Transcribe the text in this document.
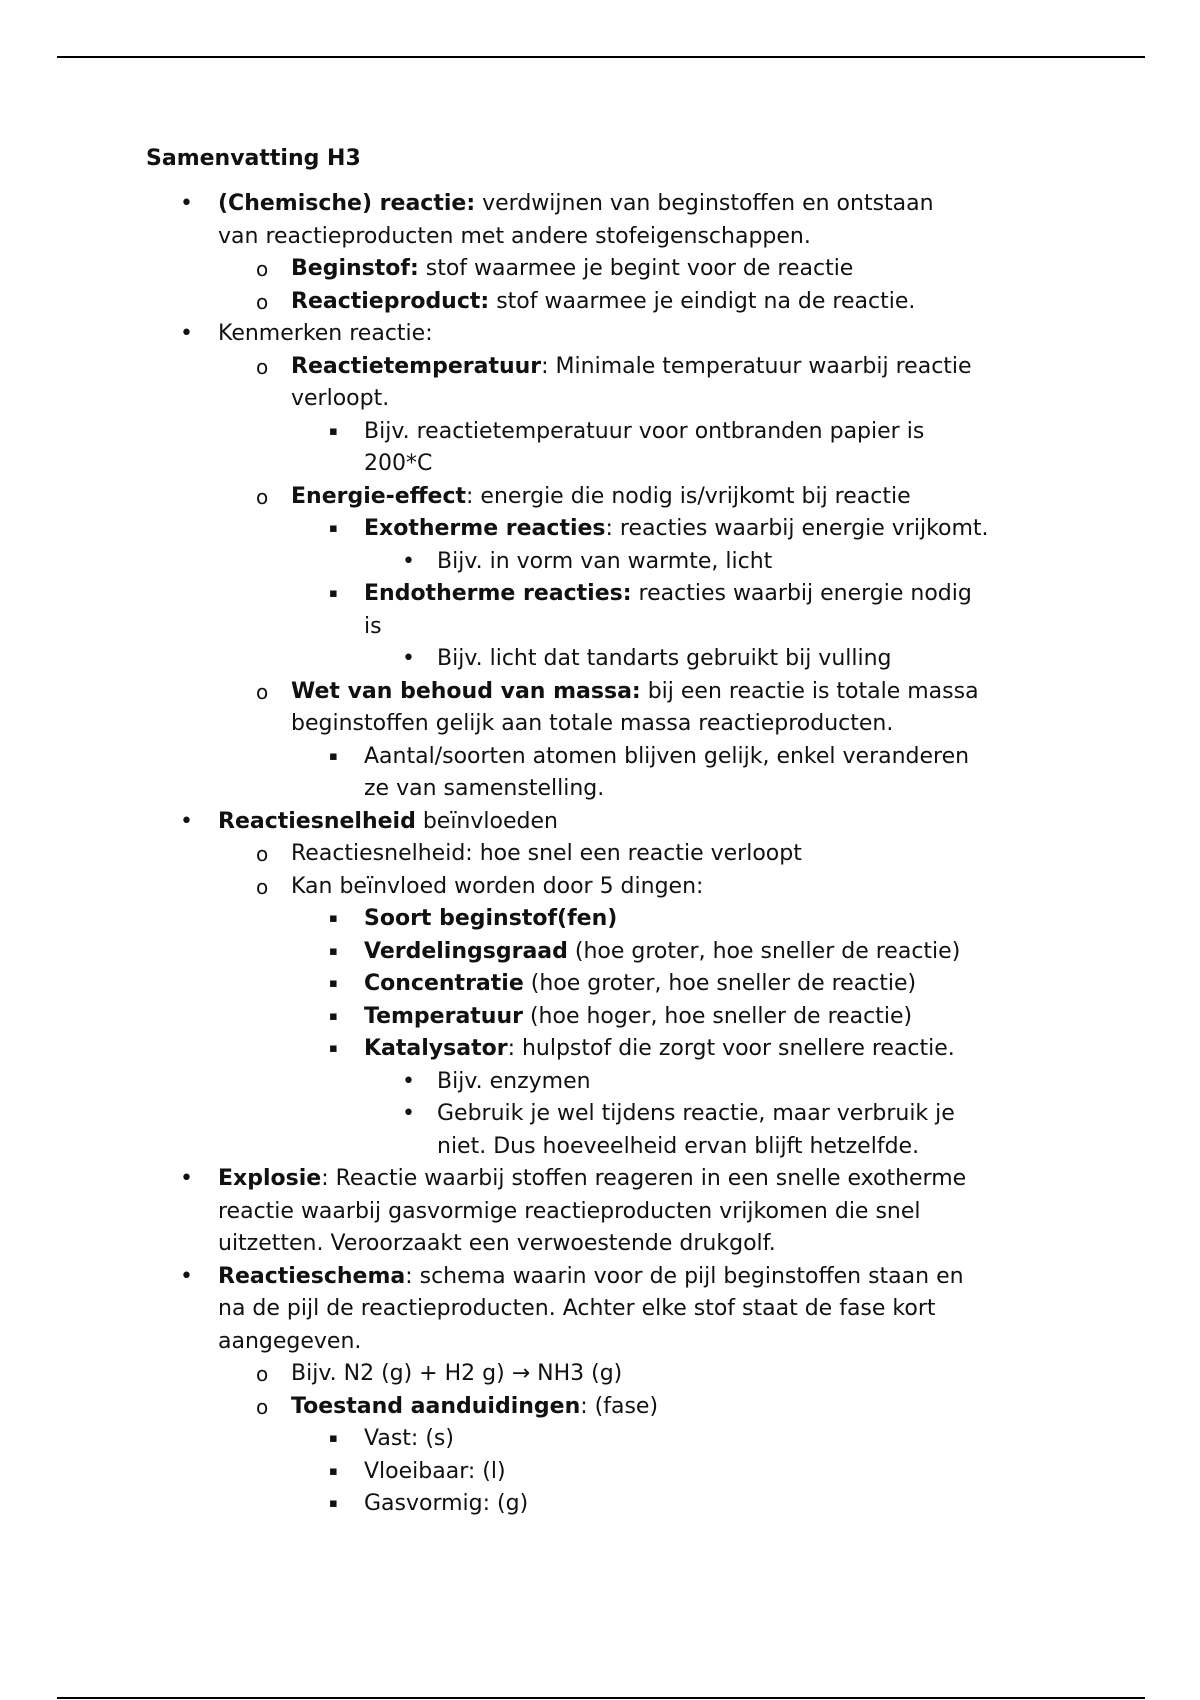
Samenvatting H3
• (Chemische) reactie: verdwijnen van beginstoffen en ontstaan
van reactieproducten met andere stofeigenschappen.
o Beginstof: stof waarmee je begint voor de reactie
o Reactieproduct: stof waarmee je eindigt na de reactie.
• Kenmerken reactie:
o Reactietemperatuur: Minimale temperatuur waarbij reactie
verloopt.
▪ Bijv. reactietemperatuur voor ontbranden papier is
200*C
o Energie-effect: energie die nodig is/vrijkomt bij reactie
▪ Exotherme reacties: reacties waarbij energie vrijkomt.
• Bijv. in vorm van warmte, licht
▪ Endotherme reacties: reacties waarbij energie nodig
is
• Bijv. licht dat tandarts gebruikt bij vulling
o Wet van behoud van massa: bij een reactie is totale massa
beginstoffen gelijk aan totale massa reactieproducten.
▪ Aantal/soorten atomen blijven gelijk, enkel veranderen
ze van samenstelling.
• Reactiesnelheid beïnvloeden
o Reactiesnelheid: hoe snel een reactie verloopt
o Kan beïnvloed worden door 5 dingen:
▪ Soort beginstof(fen)
▪ Verdelingsgraad (hoe groter, hoe sneller de reactie)
▪ Concentratie (hoe groter, hoe sneller de reactie)
▪ Temperatuur (hoe hoger, hoe sneller de reactie)
▪ Katalysator: hulpstof die zorgt voor snellere reactie.
• Bijv. enzymen
• Gebruik je wel tijdens reactie, maar verbruik je
niet. Dus hoeveelheid ervan blijft hetzelfde.
• Explosie: Reactie waarbij stoffen reageren in een snelle exotherme
reactie waarbij gasvormige reactieproducten vrijkomen die snel
uitzetten. Veroorzaakt een verwoestende drukgolf.
• Reactieschema: schema waarin voor de pijl beginstoffen staan en
na de pijl de reactieproducten. Achter elke stof staat de fase kort
aangegeven.
o Bijv. N2 (g) + H2 g) → NH3 (g)
o Toestand aanduidingen: (fase)
▪ Vast: (s)
▪ Vloeibaar: (l)
▪ Gasvormig: (g)
